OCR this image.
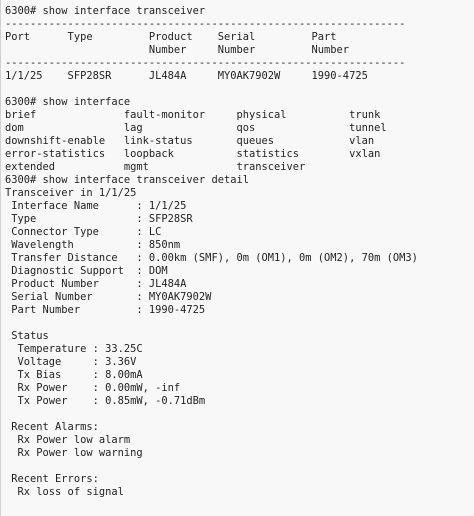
6300# show interface transceiver
----------------------------------------------------------------
Port      Type         Product    Serial         Part
Number     Number         Number
----------------------------------------------------------------
1/1/25    SFP28SR      JL484A     MY0AK7902W     1990-4725
6300# show interface
brief              fault-monitor     physical          trunk
dom                lag               qos               tunnel
downshift-enable   link-status       queues            vlan
error-statistics   loopback          statistics        vxlan
extended           mgmt              transceiver
6300# show interface transceiver detail
Transceiver in 1/1/25
Interface Name      : 1/1/25
Type                : SFP28SR
Connector Type      : LC
Wavelength          : 850nm
Transfer Distance   : 0.00km (SMF), 0m (OM1), 0m (OM2), 70m (OM3)
Diagnostic Support  : DOM
Product Number      : JL484A
Serial Number       : MY0AK7902W
Part Number         : 1990-4725
Status
Temperature : 33.25C
Voltage     : 3.36V
Tx Bias     : 8.00mA
Rx Power    : 0.00mW, -inf
Tx Power    : 0.85mW, -0.71dBm
Recent Alarms:
Rx Power low alarm
Rx Power low warning
Recent Errors:
Rx loss of signal
